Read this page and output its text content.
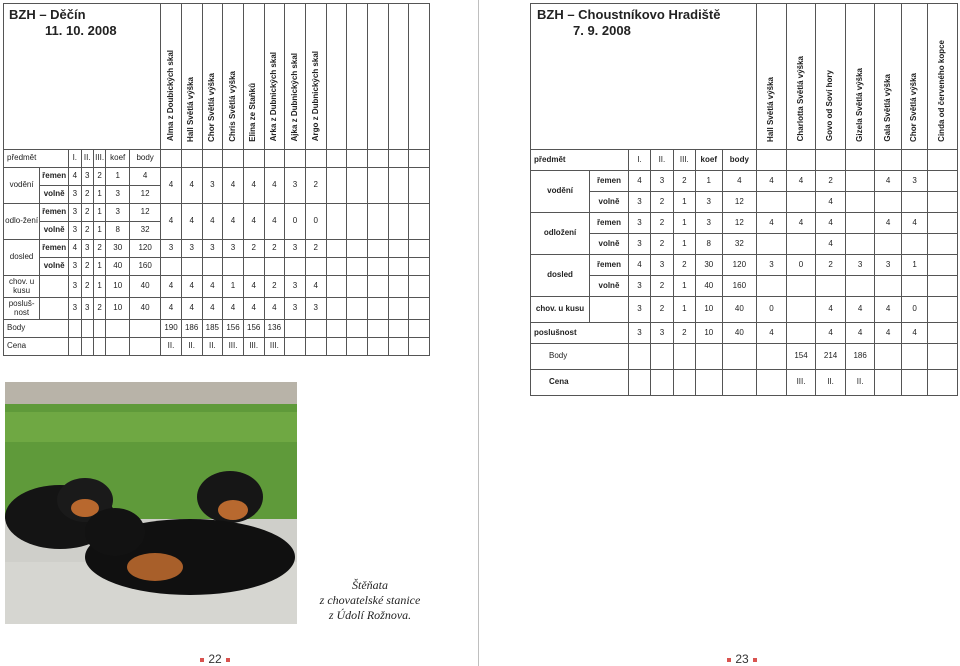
BZH – Děčín
11. 10. 2008							Alma z Doubických skal	Hall Světlá výška	Chor Světlá výška	Chris Světlá výška	Elina ze Staňků	Arka z Dubnických skal	Ajka z Dubnických skal	Argo z Dubnických skal					
předmět		I.	II.	III.	koef	body													
vodění	řemen	4	3	2	1	4	4	4	3	4	4	4	3	2					
	volně	3	2	1	3	12													
odlo-žení	řemen	3	2	1	3	12	4	4	4	4	4	4	0	0					
	volně	3	2	1	8	32													
dosled	řemen	4	3	2	30	120	3	3	3	3	2	2	3	2					
	volně	3	2	1	40	160													
chov. u kusu		3	2	1	10	40	4	4	4	1	4	2	3	4					
posluš-nost		3	3	2	10	40	4	4	4	4	4	4	3	3					
Body							190	186	185	156	156	136							
Cena							II.	II.	II.	III.	III.	III.							
BZH – Choustníkovo Hradiště
7. 9. 2008							Hall Světlá výška	Charlotta Světlá výška	Govo od Soví hory	Gizela Světlá výška	Gala Světlá výška	Chor Světlá výška	Cinda od červeného kopce
předmět		I.	II.	III.	koef	body							
vodění	řemen	4	3	2	1	4	4	4	2		4	3	
	volně	3	2	1	3	12			4				
odložení	řemen	3	2	1	3	12	4	4	4		4	4	
	volně	3	2	1	8	32			4				
dosled	řemen	4	3	2	30	120	3	0	2	3	3	1	
	volně	3	2	1	40	160							
chov. u kusu		3	2	1	10	40	0		4	4	4	0	
poslušnost		3	3	2	10	40	4		4	4	4	4	
Body								154	214	186			
Cena								III.	II.	II.			
Štěňata
z chovatelské stanice
z Údolí Rožnova.
22	23
